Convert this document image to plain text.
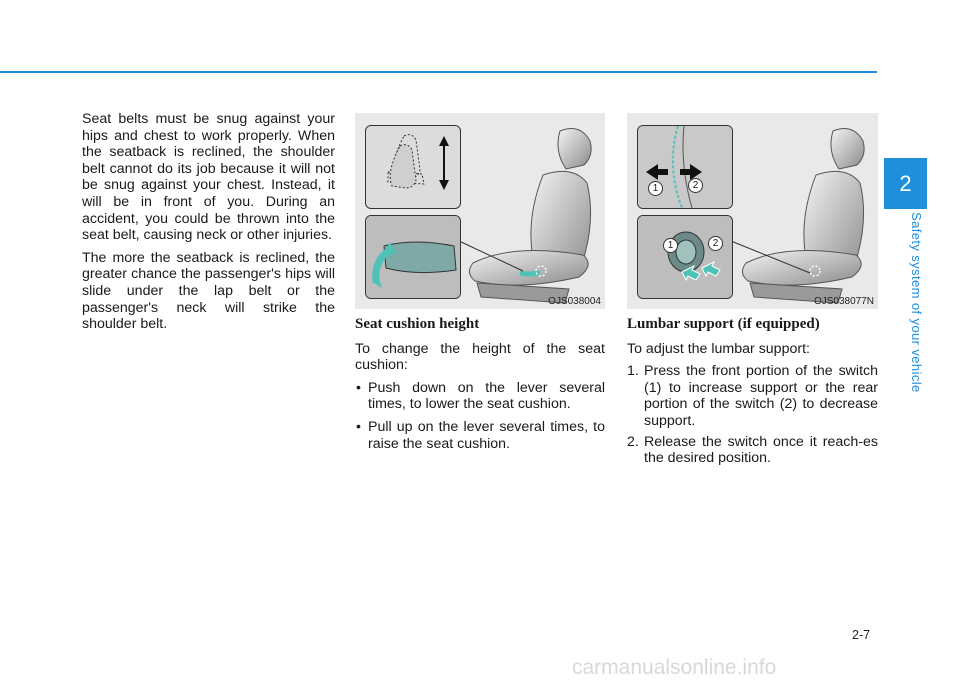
Seat belts must be snug against your hips and chest to work properly. When the seatback is reclined, the shoulder belt cannot do its job because it will not be snug against your chest. Instead, it will be in front of you. During an accident, you could be thrown into the seat belt, causing neck or other injuries.

The more the seatback is reclined, the greater chance the passenger's hips will slide under the lap belt or the passenger's neck will strike the shoulder belt.

OJS038004
1	2
1	2
OJS038077N
Seat cushion height

To change the height of the seat cushion:

• Push down on the lever several times, to lower the seat cushion.
• Pull up on the lever several times, to raise the seat cushion.
Lumbar support (if equipped)

To adjust the lumbar support:

1. Press the front portion of the switch (1) to increase support or the rear portion of the switch (2) to decrease support.
2. Release the switch once it reach-es the desired position.
2
Safety system of your vehicle
2-7
carmanualsonline.info
